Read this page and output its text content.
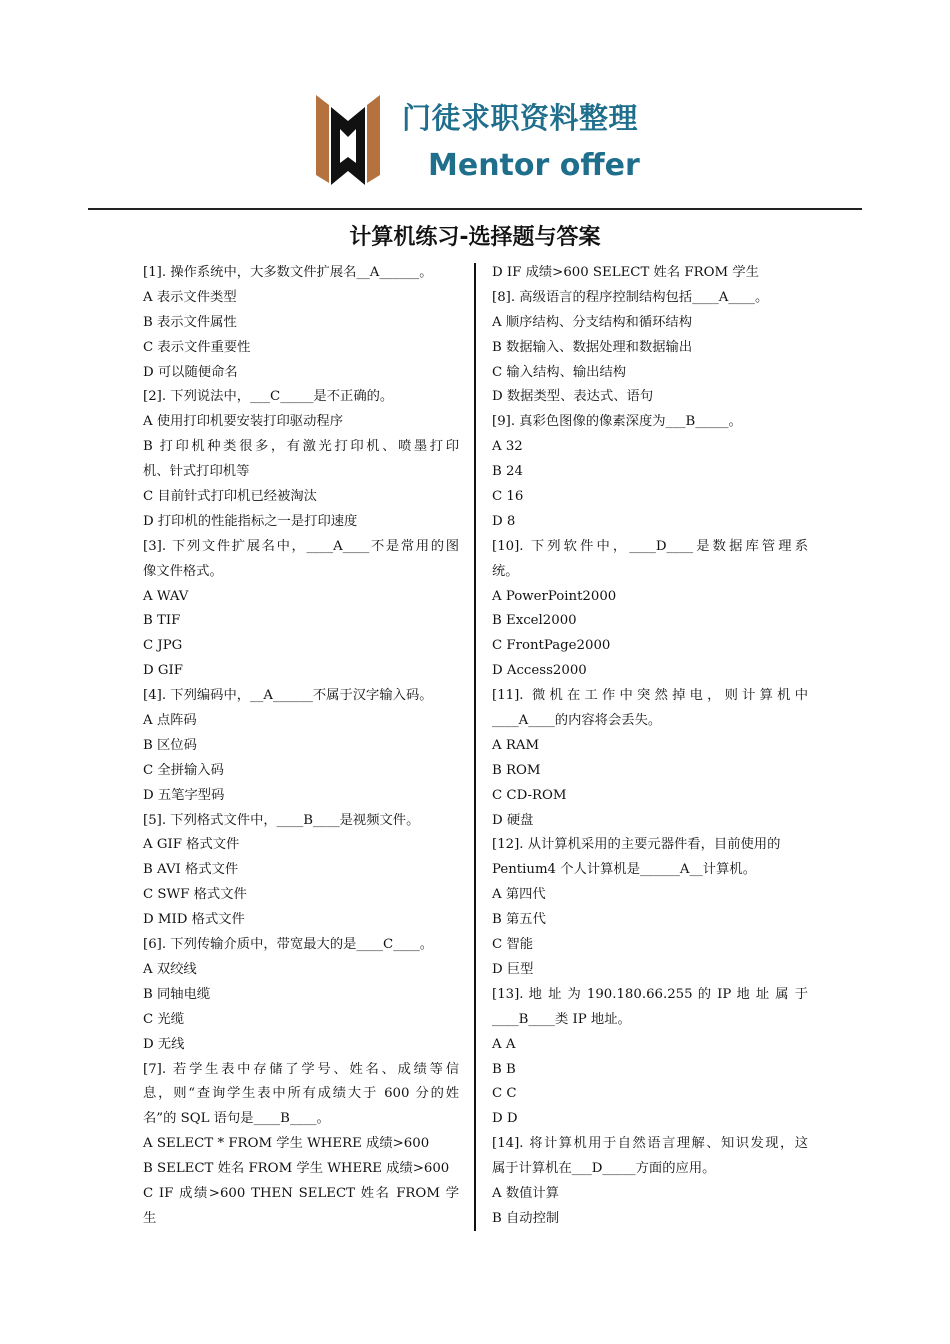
门徒求职资料整理
Mentor offer
计算机练习-选择题与答案
[1]. 操作系统中，大多数文件扩展名__A______。
A 表示文件类型
B 表示文件属性
C 表示文件重要性
D 可以随便命名
[2]. 下列说法中，___C_____是不正确的。
A 使用打印机要安装打印驱动程序
B 打印机种类很多，有激光打印机、喷墨打印
机、针式打印机等
C 目前针式打印机已经被淘汰
D 打印机的性能指标之一是打印速度
[3]. 下列文件扩展名中，____A____不是常用的图
像文件格式。
A WAV
B TIF
C JPG
D GIF
[4]. 下列编码中，__A______不属于汉字输入码。
A 点阵码
B 区位码
C 全拼输入码
D 五笔字型码
[5]. 下列格式文件中，____B____是视频文件。
A GIF 格式文件
B AVI 格式文件
C SWF 格式文件
D MID 格式文件
[6]. 下列传输介质中，带宽最大的是____C____。
A 双绞线
B 同轴电缆
C 光缆
D 无线
[7]. 若学生表中存储了学号、姓名、成绩等信
息，则“查询学生表中所有成绩大于 600 分的姓
名”的 SQL 语句是____B____。
A SELECT * FROM 学生 WHERE 成绩>600
B SELECT 姓名 FROM 学生 WHERE 成绩>600
C IF 成绩>600 THEN SELECT 姓名 FROM 学
生
D IF 成绩>600 SELECT 姓名 FROM 学生
[8]. 高级语言的程序控制结构包括____A____。
A 顺序结构、分支结构和循环结构
B 数据输入、数据处理和数据输出
C 输入结构、输出结构
D 数据类型、表达式、语句
[9]. 真彩色图像的像素深度为___B_____。
A 32
B 24
C 16
D 8
[10]. 下列软件中，____D____是数据库管理系
统。
A PowerPoint2000
B Excel2000
C FrontPage2000
D Access2000
[11]. 微机在工作中突然掉电，则计算机中
____A____的内容将会丢失。
A RAM
B ROM
C CD-ROM
D 硬盘
[12]. 从计算机采用的主要元器件看，目前使用的
Pentium4 个人计算机是______A__计算机。
A 第四代
B 第五代
C 智能
D 巨型
[13]. 地 址 为 190.180.66.255 的 IP 地 址 属 于
____B____类 IP 地址。
A A
B B
C C
D D
[14]. 将计算机用于自然语言理解、知识发现，这
属于计算机在___D_____方面的应用。
A 数值计算
B 自动控制
